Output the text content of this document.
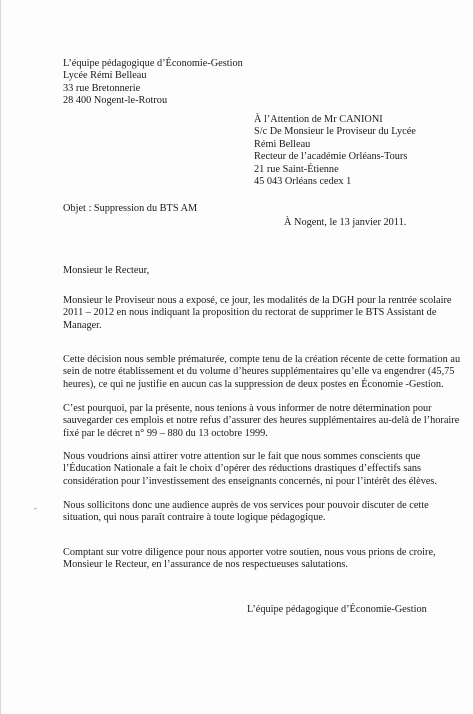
L’équipe pédagogique d’Économie-Gestion
Lycée Rémi Belleau
33 rue Bretonnerie
28 400 Nogent-le-Rotrou
À l’Attention de Mr CANIONI
S/c De Monsieur le Proviseur du Lycée
Rémi Belleau
Recteur de l’académie Orléans-Tours
21 rue Saint-Étienne
45 043 Orléans cedex 1
Objet : Suppression du BTS AM
À Nogent, le 13 janvier 2011.
Monsieur le Recteur,
Monsieur le Proviseur nous a exposé, ce jour, les modalités de la DGH pour la rentrée scolaire
2011 – 2012 en nous indiquant la proposition du rectorat de supprimer le BTS Assistant de
Manager.
Cette décision nous semble prématurée, compte tenu de la création récente de cette formation au
sein de notre établissement et du volume d’heures supplémentaires qu’elle va engendrer (45,75
heures), ce qui ne justifie en aucun cas la suppression de deux postes en Économie -Gestion.
C’est pourquoi, par la présente, nous tenions à vous informer de notre détermination pour
sauvegarder ces emplois et notre refus d’assurer des heures supplémentaires au-delà de l’horaire
fixé par le décret n° 99 – 880 du 13 octobre 1999.
Nous voudrions ainsi attirer votre attention sur le fait que nous sommes conscients que
l’Éducation Nationale a fait le choix d’opérer des réductions drastiques d’effectifs sans
considération pour l’investissement des enseignants concernés, ni pour l’intérêt des élèves.
Nous sollicitons donc une audience auprès de vos services pour pouvoir discuter de cette
situation, qui nous paraît contraire à toute logique pédagogique.
Comptant sur votre diligence pour nous apporter votre soutien, nous vous prions de croire,
Monsieur le Recteur, en l’assurance de nos respectueuses salutations.
L’équipe pédagogique d’Économie-Gestion
-
